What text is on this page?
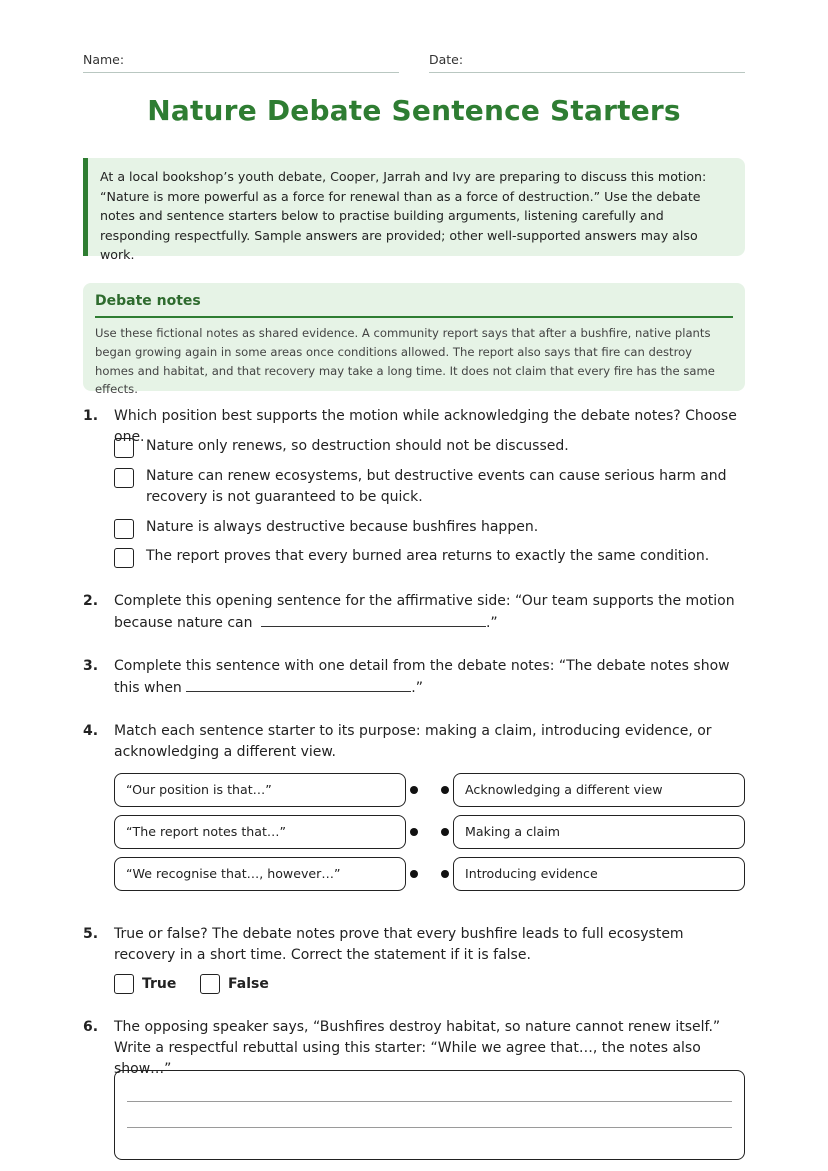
Name:	Date:
Nature Debate Sentence Starters
At a local bookshop’s youth debate, Cooper, Jarrah and Ivy are preparing to discuss this motion: “Nature is more powerful as a force for renewal than as a force of destruction.” Use the debate notes and sentence starters below to practise building arguments, listening carefully and responding respectfully. Sample answers are provided; other well-supported answers may also work.
Debate notes
Use these fictional notes as shared evidence. A community report says that after a bushfire, native plants began growing again in some areas once conditions allowed. The report also says that fire can destroy homes and habitat, and that recovery may take a long time. It does not claim that every fire has the same effects.
1. Which position best supports the motion while acknowledging the debate notes? Choose one.
Nature only renews, so destruction should not be discussed.
Nature can renew ecosystems, but destructive events can cause serious harm and recovery is not guaranteed to be quick.
Nature is always destructive because bushfires happen.
The report proves that every burned area returns to exactly the same condition.
2. Complete this opening sentence for the affirmative side: “Our team supports the motion because nature can	.”
3. Complete this sentence with one detail from the debate notes: “The debate notes show this when	.”
4. Match each sentence starter to its purpose: making a claim, introducing evidence, or acknowledging a different view.
“Our position is that…”
“The report notes that…”
“We recognise that…, however…”
Acknowledging a different view
Making a claim
Introducing evidence
5. True or false? The debate notes prove that every bushfire leads to full ecosystem recovery in a short time. Correct the statement if it is false.
True	False
6. The opposing speaker says, “Bushfires destroy habitat, so nature cannot renew itself.” Write a respectful rebuttal using this starter: “While we agree that…, the notes also show…”
